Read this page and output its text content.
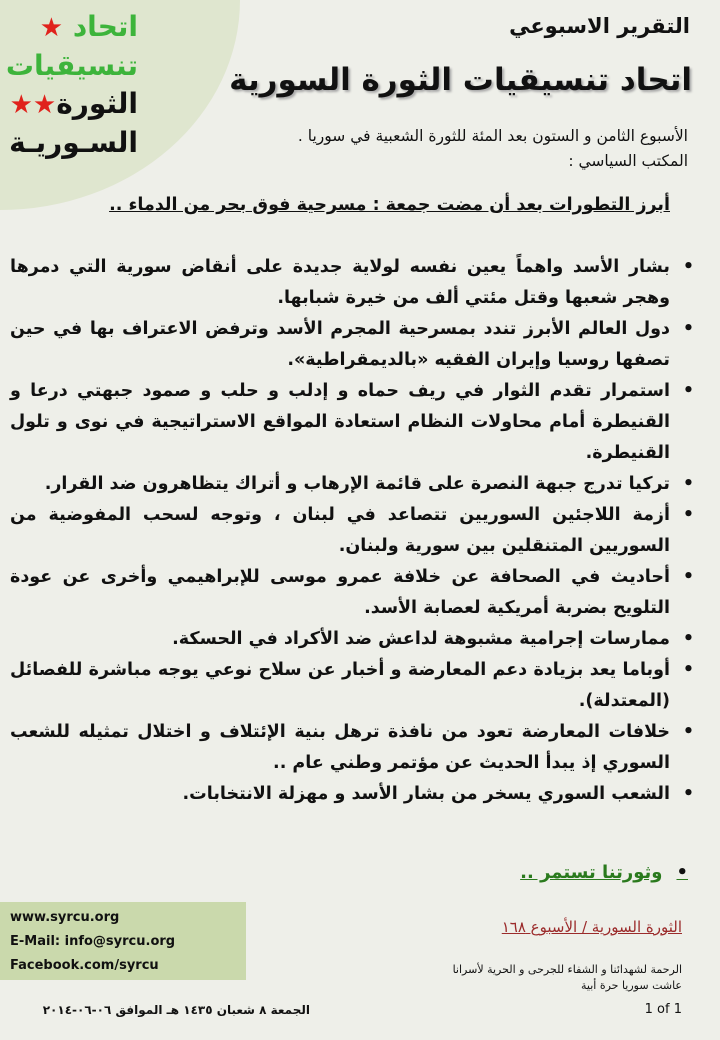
اتحاد ★
تنسيقيات
الثورة★★
السـوريـة
التقرير الاسبوعي
اتحاد تنسيقيات الثورة السورية
الأسبوع الثامن و الستون بعد المئة للثورة الشعبية في سوريا .
المكتب السياسي :
أبرز التطورات بعد أن مضت جمعة : مسرحية فوق بحر من الدماء ..
• بشار الأسد واهماً يعين نفسه لولاية جديدة على أنقاض سورية التي دمرها وهجر شعبها وقتل مئتي ألف من خيرة شبابها.
• دول العالم الأبرز تندد بمسرحية المجرم الأسد وترفض الاعتراف بها في حين تصفها روسيا وإيران الفقيه «بالديمقراطية».
• استمرار تقدم الثوار في ريف حماه و إدلب و حلب و صمود جبهتي درعا و القنيطرة أمام محاولات النظام استعادة المواقع الاستراتيجية في نوى و تلول القنيطرة.
• تركيا تدرج جبهة النصرة على قائمة الإرهاب و أتراك يتظاهرون ضد القرار.
• أزمة اللاجئين السوريين تتصاعد في لبنان ، وتوجه لسحب المفوضية من السوريين المتنقلين بين سورية ولبنان.
• أحاديث في الصحافة عن خلافة عمرو موسى للإبراهيمي وأخرى عن عودة التلويح بضربة أمريكية لعصابة الأسد.
• ممارسات إجرامية مشبوهة لداعش ضد الأكراد في الحسكة.
• أوباما يعد بزيادة دعم المعارضة و أخبار عن سلاح نوعي يوجه مباشرة للفصائل (المعتدلة).
• خلافات المعارضة تعود من نافذة ترهل بنية الإئتلاف و اختلال تمثيله للشعب السوري إذ يبدأ الحديث عن مؤتمر وطني عام ..
• الشعب السوري يسخر من بشار الأسد و مهزلة الانتخابات.
• وثورتنا تستمر ..
www.syrcu.org
E-Mail: info@syrcu.org
Facebook.com/syrcu
الثورة السورية / الأسبوع ١٦٨
الرحمة لشهدائنا و الشفاء للجرحى و الحرية لأسرانا
عاشت سوريا حرة أبية
1 of 1
الجمعة ٨ شعبان ١٤٣٥ هـ الموافق ٠٦-٠٦-٢٠١٤
